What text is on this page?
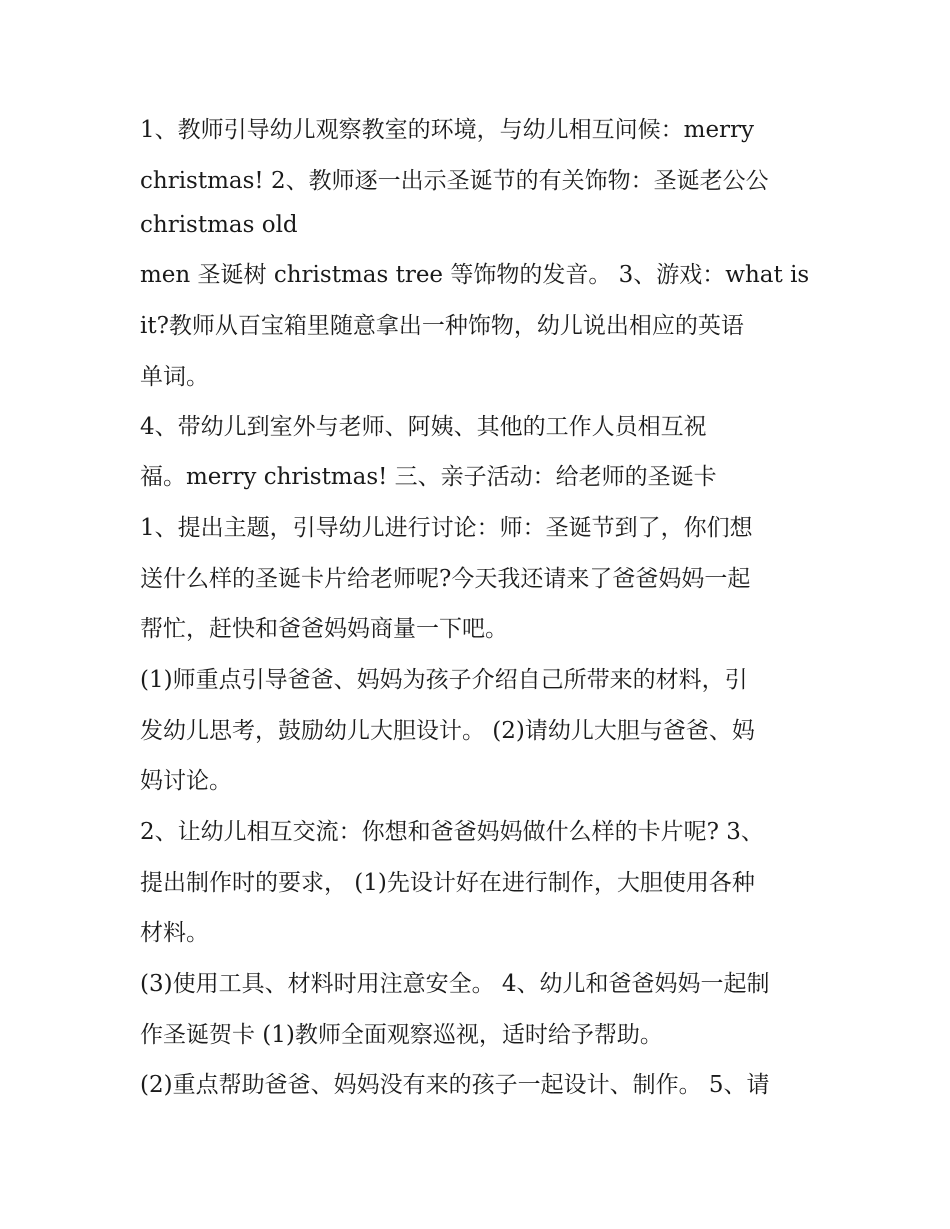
1、教师引导幼儿观察教室的环境，与幼儿相互问候：merry
christmas! 2、教师逐一出示圣诞节的有关饰物：圣诞老公公
christmas old
men 圣诞树 christmas tree 等饰物的发音。 3、游戏：what is
it?教师从百宝箱里随意拿出一种饰物，幼儿说出相应的英语
单词。
4、带幼儿到室外与老师、阿姨、其他的工作人员相互祝
福。merry christmas! 三、亲子活动：给老师的圣诞卡
1、提出主题，引导幼儿进行讨论：师：圣诞节到了，你们想
送什么样的圣诞卡片给老师呢?今天我还请来了爸爸妈妈一起
帮忙，赶快和爸爸妈妈商量一下吧。
(1)师重点引导爸爸、妈妈为孩子介绍自己所带来的材料，引
发幼儿思考，鼓励幼儿大胆设计。 (2)请幼儿大胆与爸爸、妈
妈讨论。
2、让幼儿相互交流：你想和爸爸妈妈做什么样的卡片呢? 3、
提出制作时的要求， (1)先设计好在进行制作，大胆使用各种
材料。
(3)使用工具、材料时用注意安全。 4、幼儿和爸爸妈妈一起制
作圣诞贺卡 (1)教师全面观察巡视，适时给予帮助。
(2)重点帮助爸爸、妈妈没有来的孩子一起设计、制作。 5、请
